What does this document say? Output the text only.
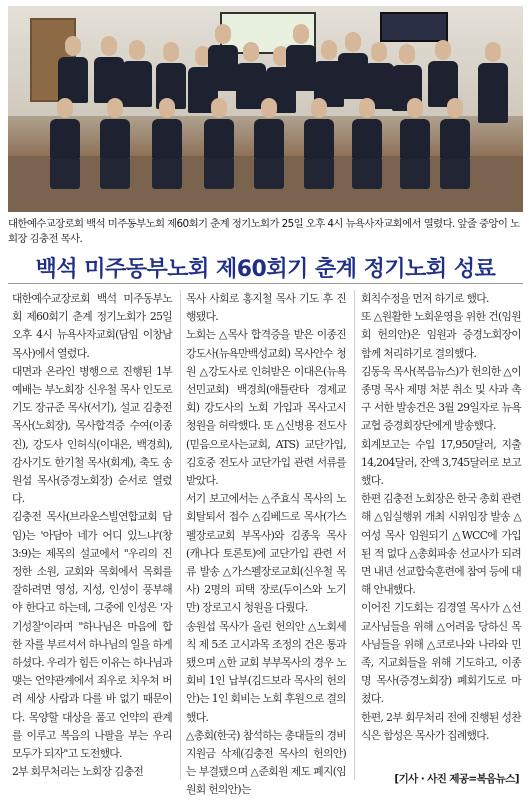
대한예수교장로회 백석 미주동부노회 제60회기 춘계 정기노회가 25일 오후 4시 뉴욕사자교회에서 열렸다. 앞줄 중앙이 노회장 김충전 목사.
백석 미주동부노회 제60회기 춘계 정기노회 성료

대한예수교장로회 백석 미주동부노회 제60회기 춘계 정기노회가 25일 오후 4시 뉴욕사자교회(담임 이창남 목사)에서 열렸다.
대면과 온라인 병행으로 진행된 1부 예배는 부노회장 신우철 목사 인도로 기도 장규준 목사(서기), 설교 김충전 목사(노회장), 목사합격증 수여(이종진), 강도사 인허식(이대은, 백경희), 감사기도 한기철 목사(회계), 축도 송원섭 목사(증경노회장) 순서로 열렸다.
김충전 목사(브라운스빌연합교회 담임)는 '아담아 네가 어디 있느냐'(창3:9)는 제목의 설교에서 "우리의 진정한 소원, 교회와 목회에서 목회를 잘하려면 영성, 지성, 인성이 풍부해야 한다고 하는데, 그중에 인성은 '자기성찰'이라며 "하나님은 마음에 합한 자를 부르셔서 하나님의 일을 하게 하셨다. 우리가 힘든 이유는 하나님과 맺는 언약관계에서 죄우로 치우쳐 버려 세상 사람과 다를 바 없기 때문이다. 목양할 대상을 품고 언약의 관계를 이루고 복음의 나팔을 부는 우리 모두가 되자"고 도전했다.
2부 회무처리는 노회장 김충전

목사 사회로 홍지철 목사 기도 후 진행됐다.
노회는 △목사 합격증을 받은 이종진 강도사(뉴욕만백성교회) 목사안수 청원 △강도사로 인허받은 이대은(뉴욕선민교회) 백경희(애틀란타 경제교회) 강도사의 노회 가입과 목사고시 청원을 허락했다. 또 △신병용 전도사(믿음으로사는교회, ATS) 교단가입, 김호중 전도사 교단가입 관련 서류를 받았다.
서기 보고에서는 △주효식 목사의 노회탈퇴서 접수 △김베드로 목사(가스펠장로교회 부목사)와 김종욱 목사(캐나다 토론토)에 교단가입 관련 서류 발송 △가스펠장로교회(신우철 목사) 2명의 피택 장로(두이스와 노기만) 장로고시 청원을 다뤘다.
송원섭 목사가 올린 헌의안 △노회세칙 제 5조 고시과목 조정의 건은 통과됐으며 △한 교회 부부목사의 경우 노회비 1인 납부(김드보라 목사의 헌의안)는 1인 회비는 노회 후원으로 결의했다.
△총회(한국) 참석하는 총대들의 경비 지원금 삭제(김충전 목사의 헌의안)는 부결됐으며 △준회원 제도 폐지(임원회 헌의안)는

회칙수정을 먼저 하기로 했다.
또 △원활한 노회운영을 위한 건(임원회 헌의안)은 임원과 증경노회장이 함께 처리하기로 결의했다.
김동욱 목사(복음뉴스)가 헌의한 △이종명 목사 제명 처분 취소 및 사과 촉구 서한 발송건은 3월 29일자로 뉴욕교협 증경회장단에게 발송했다.
회계보고는 수입 17,950달러, 지출 14,204달러, 잔액 3,745달러로 보고했다.
한편 김충전 노회장은 한국 총회 관련해 △임실행위 개최 시위임장 발송 △여성 목사 임원되기 △WCC에 가입된 적 없다 △총회파송 선교사가 되려면 내년 선교합숙훈련에 참여 등에 대해 안내했다.
이어진 기도회는 김경열 목사가 △선교사님들을 위해 △어려움 당하신 목사님들을 위해 △코로나와 나라와 민족, 지교회들을 위해 기도하고, 이종명 목사(증경노회장) 폐회기도로 마쳤다.
한편, 2부 회무처리 전에 진행된 성찬식은 함성은 목사가 집례했다.

[기사 · 사진 제공=복음뉴스]
